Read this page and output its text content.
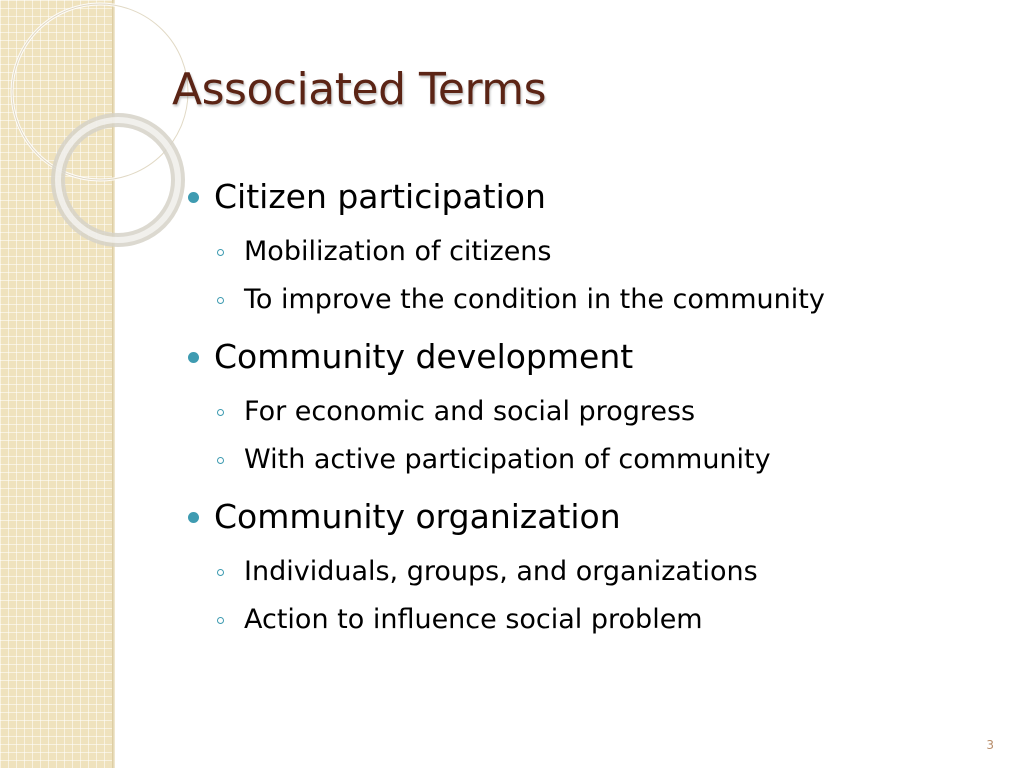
Associated Terms

Citizen participation

Mobilization of citizens

To improve the condition in the community

Community development

For economic and social progress

With active participation of community

Community organization

Individuals, groups, and organizations

Action to influence social problem

3
